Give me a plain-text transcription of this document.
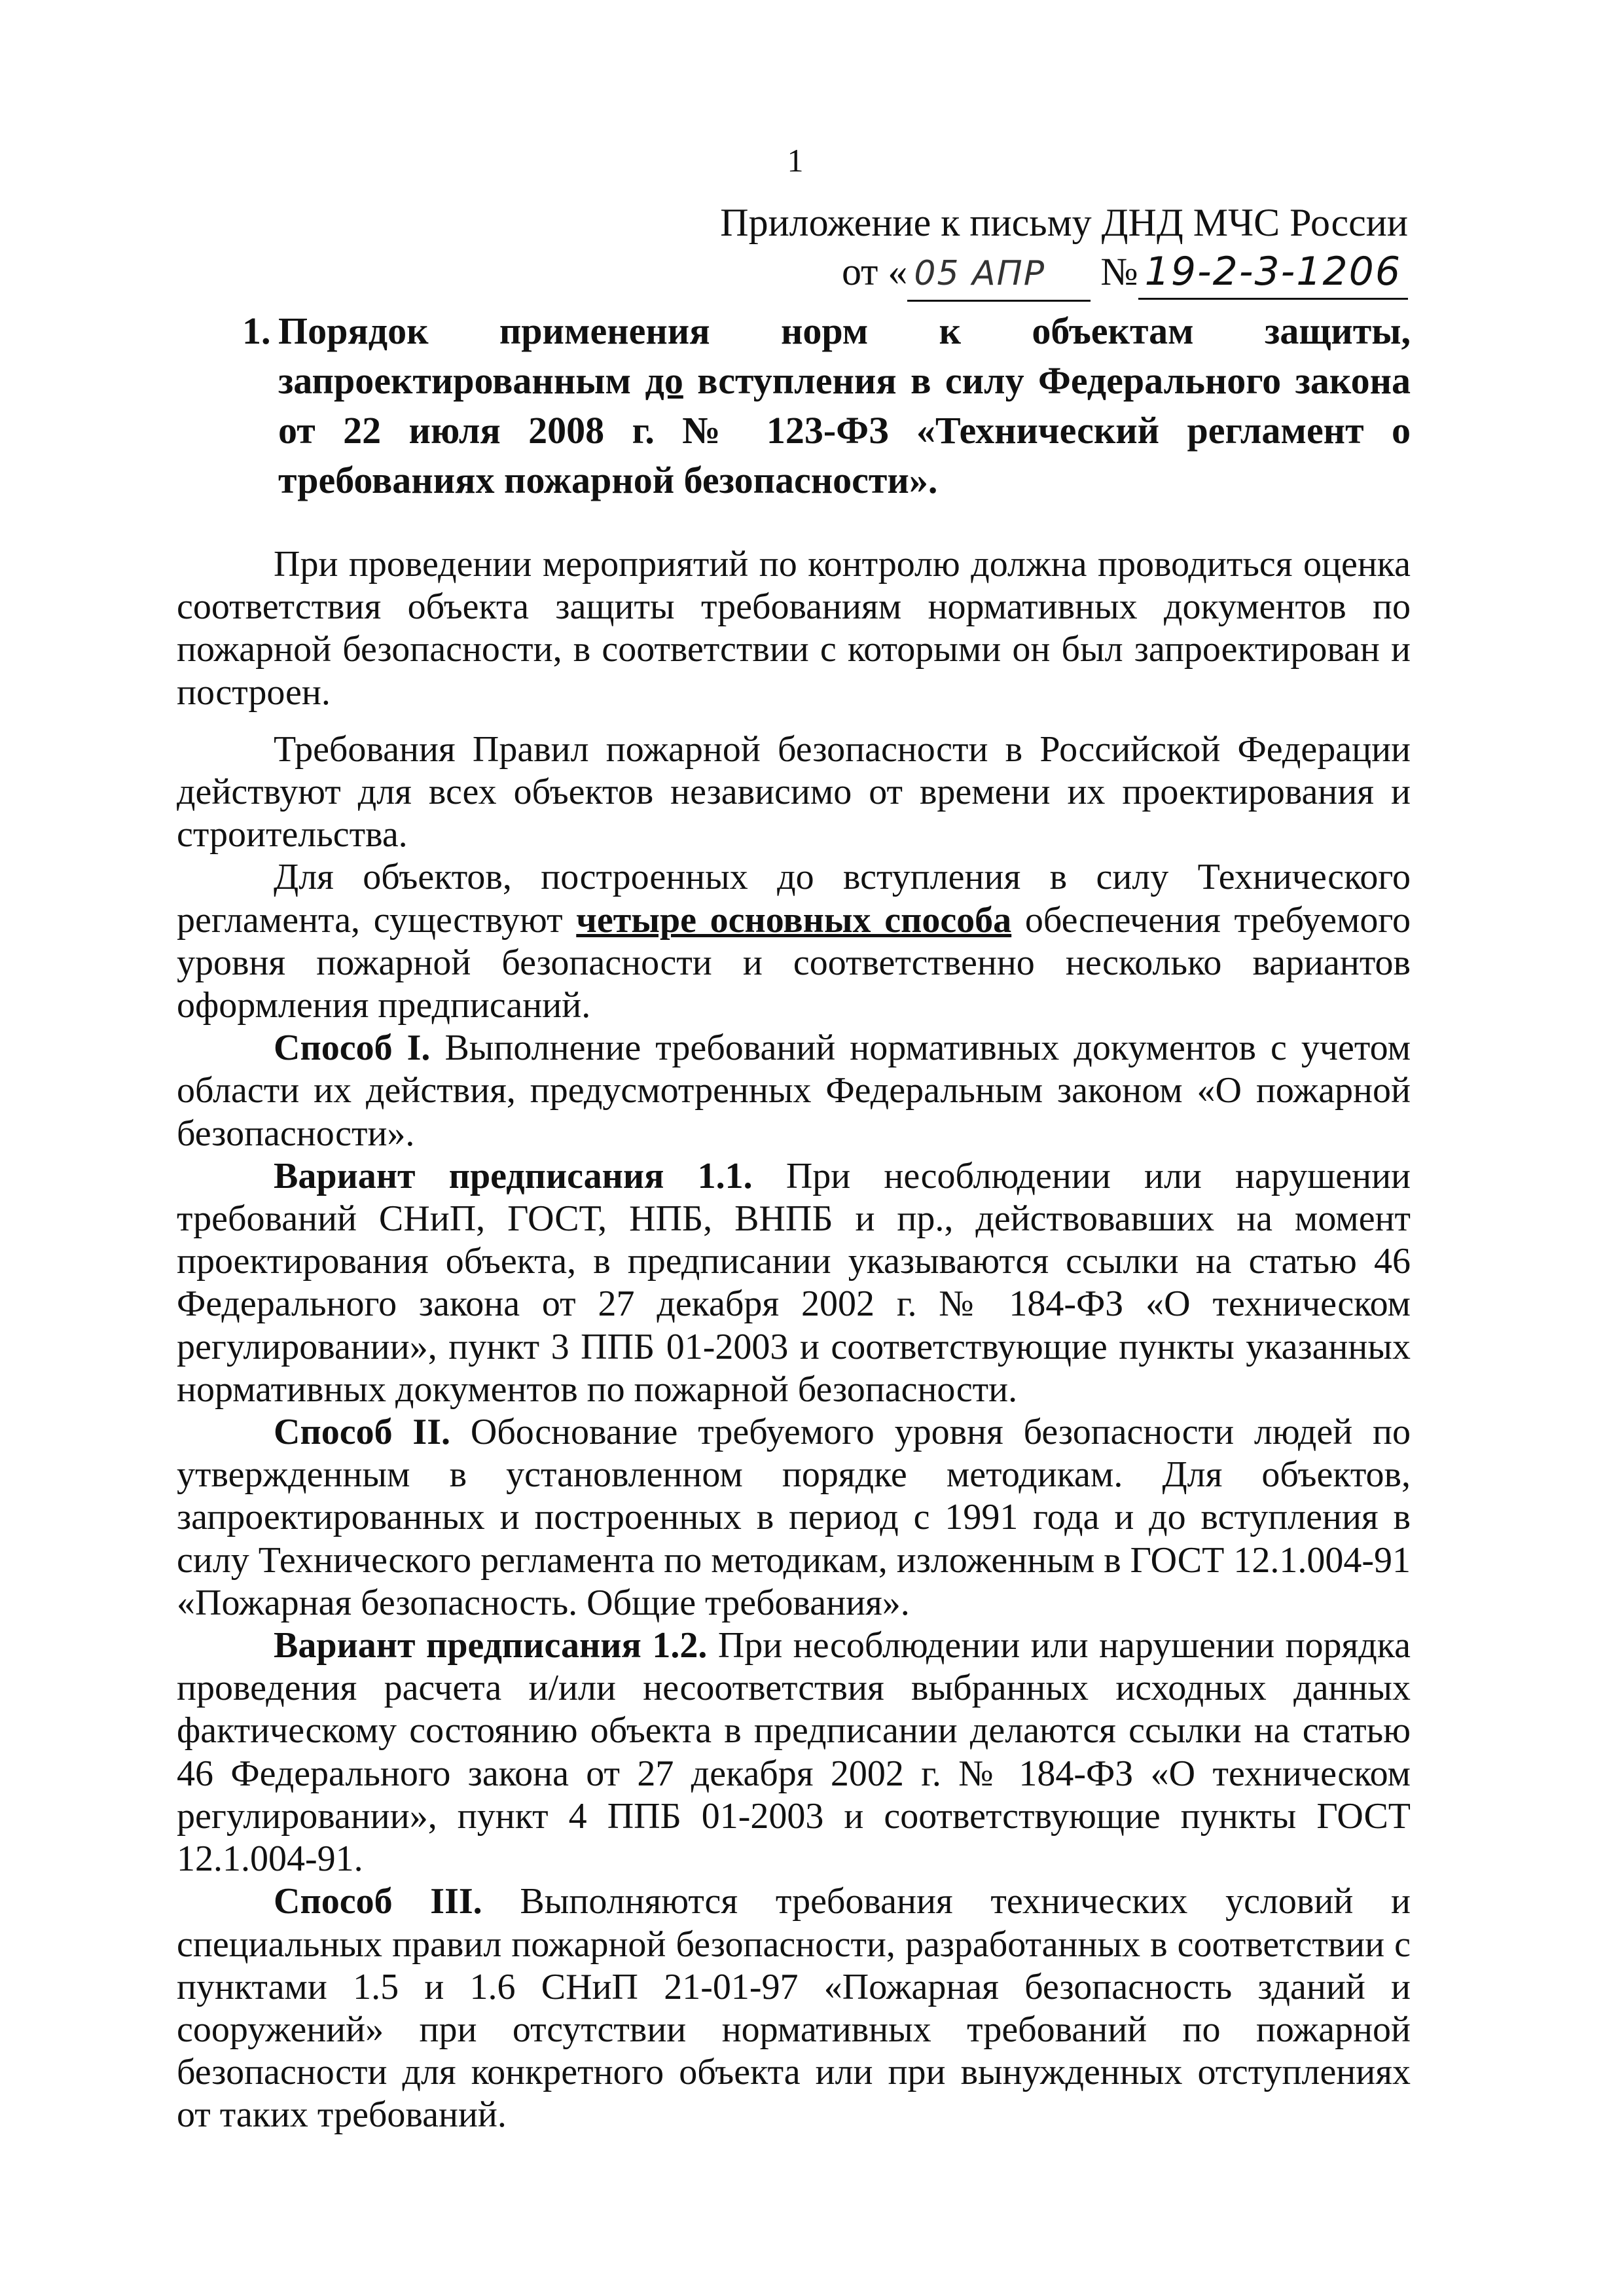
1
Приложение к письму ДНД МЧС России
от « 05 АПР № 19-2-3-1206
1. Порядок применения норм к объектам защиты, запроектированным до вступления в силу Федерального закона от 22 июля 2008 г. № 123-ФЗ «Технический регламент о требованиях пожарной безопасности».

При проведении мероприятий по контролю должна проводиться оценка соответствия объекта защиты требованиям нормативных документов по пожарной безопасности, в соответствии с которыми он был запроектирован и построен.

Требования Правил пожарной безопасности в Российской Федерации действуют для всех объектов независимо от времени их проектирования и строительства.

Для объектов, построенных до вступления в силу Технического регламента, существуют четыре основных способа обеспечения требуемого уровня пожарной безопасности и соответственно несколько вариантов оформления предписаний.

Способ I. Выполнение требований нормативных документов с учетом области их действия, предусмотренных Федеральным законом «О пожарной безопасности».

Вариант предписания 1.1. При несоблюдении или нарушении требований СНиП, ГОСТ, НПБ, ВНПБ и пр., действовавших на момент проектирования объекта, в предписании указываются ссылки на статью 46 Федерального закона от 27 декабря 2002 г. № 184-ФЗ «О техническом регулировании», пункт 3 ППБ 01-2003 и соответствующие пункты указанных нормативных документов по пожарной безопасности.

Способ II. Обоснование требуемого уровня безопасности людей по утвержденным в установленном порядке методикам. Для объектов, запроектированных и построенных в период с 1991 года и до вступления в силу Технического регламента по методикам, изложенным в ГОСТ 12.1.004-91 «Пожарная безопасность. Общие требования».

Вариант предписания 1.2. При несоблюдении или нарушении порядка проведения расчета и/или несоответствия выбранных исходных данных фактическому состоянию объекта в предписании делаются ссылки на статью 46 Федерального закона от 27 декабря 2002 г. № 184-ФЗ «О техническом регулировании», пункт 4 ППБ 01-2003 и соответствующие пункты ГОСТ 12.1.004-91.

Способ III. Выполняются требования технических условий и специальных правил пожарной безопасности, разработанных в соответствии с пунктами 1.5 и 1.6 СНиП 21-01-97 «Пожарная безопасность зданий и сооружений» при отсутствии нормативных требований по пожарной безопасности для конкретного объекта или при вынужденных отступлениях от таких требований.
